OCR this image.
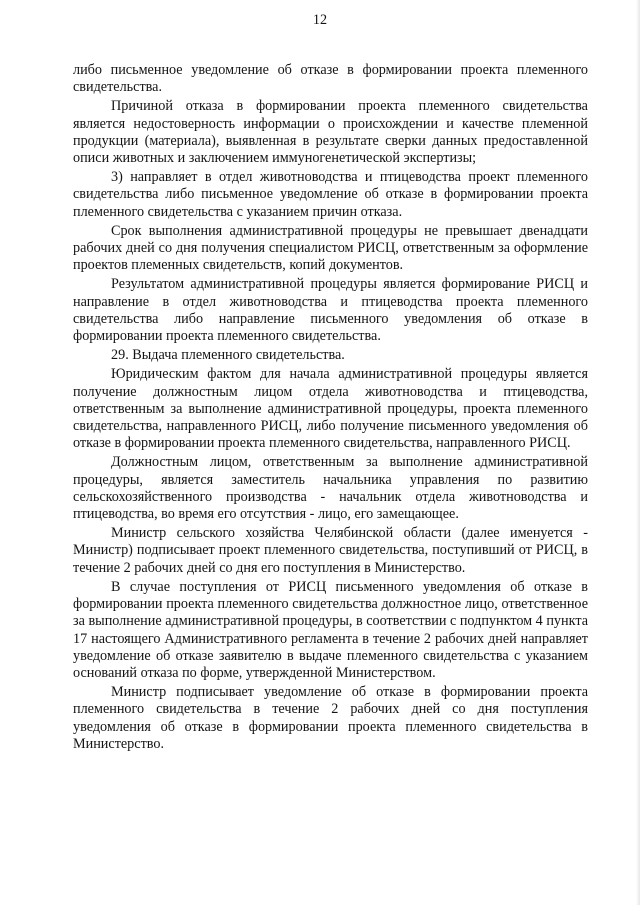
12

либо письменное уведомление об отказе в формировании проекта племенного свидетельства.

Причиной отказа в формировании проекта племенного свидетельства является недостоверность информации о происхождении и качестве племенной продукции (материала), выявленная в результате сверки данных предоставленной описи животных и заключением иммуногенетической экспертизы;

3) направляет в отдел животноводства и птицеводства проект племенного свидетельства либо письменное уведомление об отказе в формировании проекта племенного свидетельства с указанием причин отказа.

Срок выполнения административной процедуры не превышает двенадцати рабочих дней со дня получения специалистом РИСЦ, ответственным за оформление проектов племенных свидетельств, копий документов.

Результатом административной процедуры является формирование РИСЦ и направление в отдел животноводства и птицеводства проекта племенного свидетельства либо направление письменного уведомления об отказе в формировании проекта племенного свидетельства.

29. Выдача племенного свидетельства.

Юридическим фактом для начала административной процедуры является получение должностным лицом отдела животноводства и птицеводства, ответственным за выполнение административной процедуры, проекта племенного свидетельства, направленного РИСЦ, либо получение письменного уведомления об отказе в формировании проекта племенного свидетельства, направленного РИСЦ.

Должностным лицом, ответственным за выполнение административной процедуры, является заместитель начальника управления по развитию сельскохозяйственного производства - начальник отдела животноводства и птицеводства, во время его отсутствия - лицо, его замещающее.

Министр сельского хозяйства Челябинской области (далее именуется - Министр) подписывает проект племенного свидетельства, поступивший от РИСЦ, в течение 2 рабочих дней со дня его поступления в Министерство.

В случае поступления от РИСЦ письменного уведомления об отказе в формировании проекта племенного свидетельства должностное лицо, ответственное за выполнение административной процедуры, в соответствии с подпунктом 4 пункта 17 настоящего Административного регламента в течение 2 рабочих дней направляет уведомление об отказе заявителю в выдаче племенного свидетельства с указанием оснований отказа по форме, утвержденной Министерством.

Министр подписывает уведомление об отказе в формировании проекта племенного свидетельства в течение 2 рабочих дней со дня поступления уведомления об отказе в формировании проекта племенного свидетельства в Министерство.
